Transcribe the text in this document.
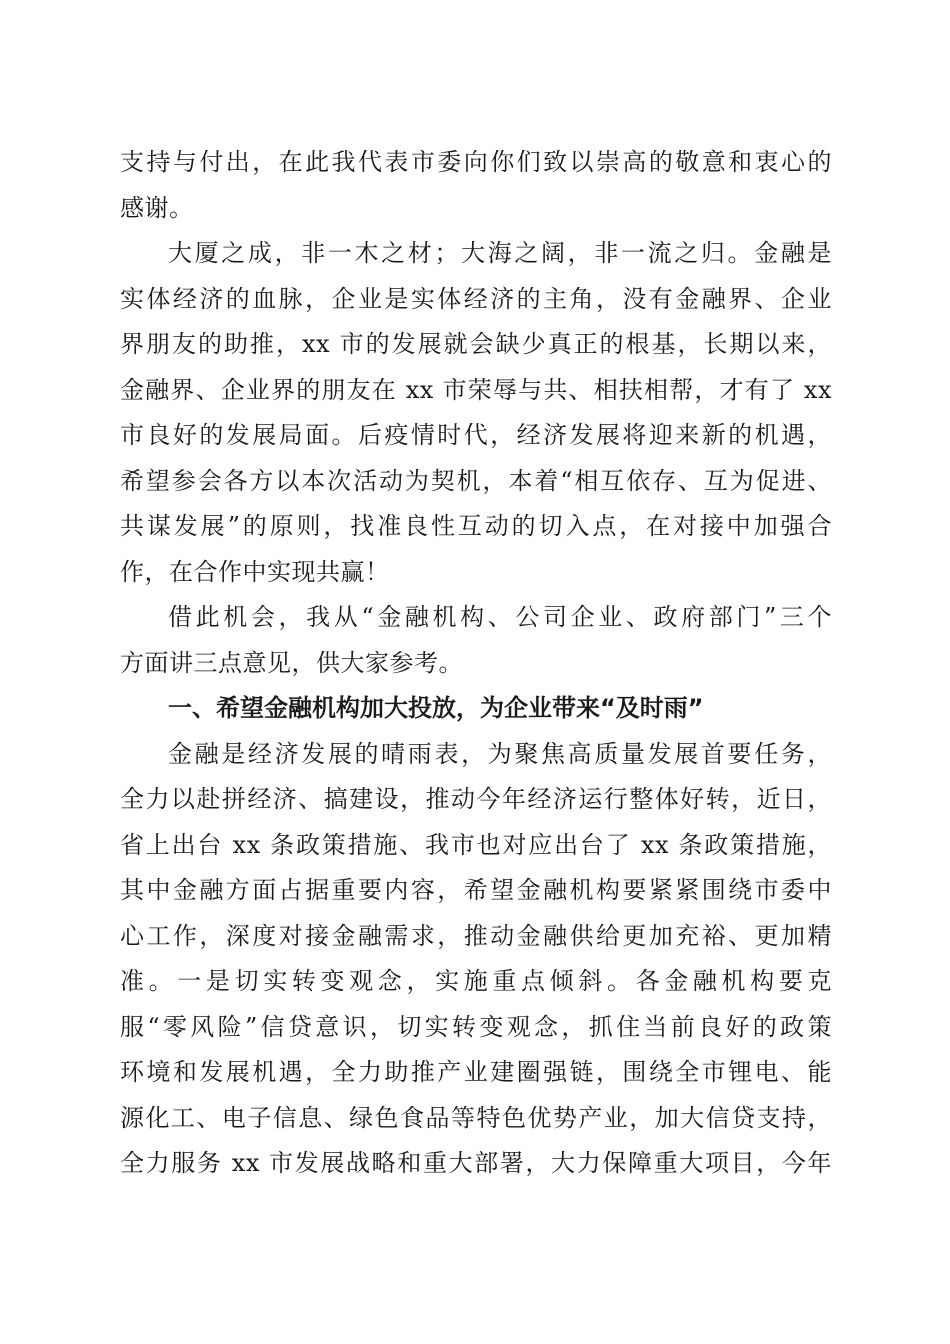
支持与付出，在此我代表市委向你们致以崇高的敬意和衷心的
感谢。
大厦之成，非一木之材；大海之阔，非一流之归。金融是
实体经济的血脉，企业是实体经济的主角，没有金融界、企业
界朋友的助推，xx 市的发展就会缺少真正的根基，长期以来，
金融界、企业界的朋友在 xx 市荣辱与共、相扶相帮，才有了 xx
市良好的发展局面。后疫情时代，经济发展将迎来新的机遇，
希望参会各方以本次活动为契机，本着“相互依存、互为促进、
共谋发展”的原则，找准良性互动的切入点，在对接中加强合
作，在合作中实现共赢！
借此机会，我从“金融机构、公司企业、政府部门”三个
方面讲三点意见，供大家参考。
一、希望金融机构加大投放，为企业带来“及时雨”
金融是经济发展的晴雨表，为聚焦高质量发展首要任务，
全力以赴拼经济、搞建设，推动今年经济运行整体好转，近日，
省上出台 xx 条政策措施、我市也对应出台了 xx 条政策措施，
其中金融方面占据重要内容，希望金融机构要紧紧围绕市委中
心工作，深度对接金融需求，推动金融供给更加充裕、更加精
准。一是切实转变观念，实施重点倾斜。各金融机构要克
服“零风险”信贷意识，切实转变观念，抓住当前良好的政策
环境和发展机遇，全力助推产业建圈强链，围绕全市锂电、能
源化工、电子信息、绿色食品等特色优势产业，加大信贷支持，
全力服务 xx 市发展战略和重大部署，大力保障重大项目，今年
